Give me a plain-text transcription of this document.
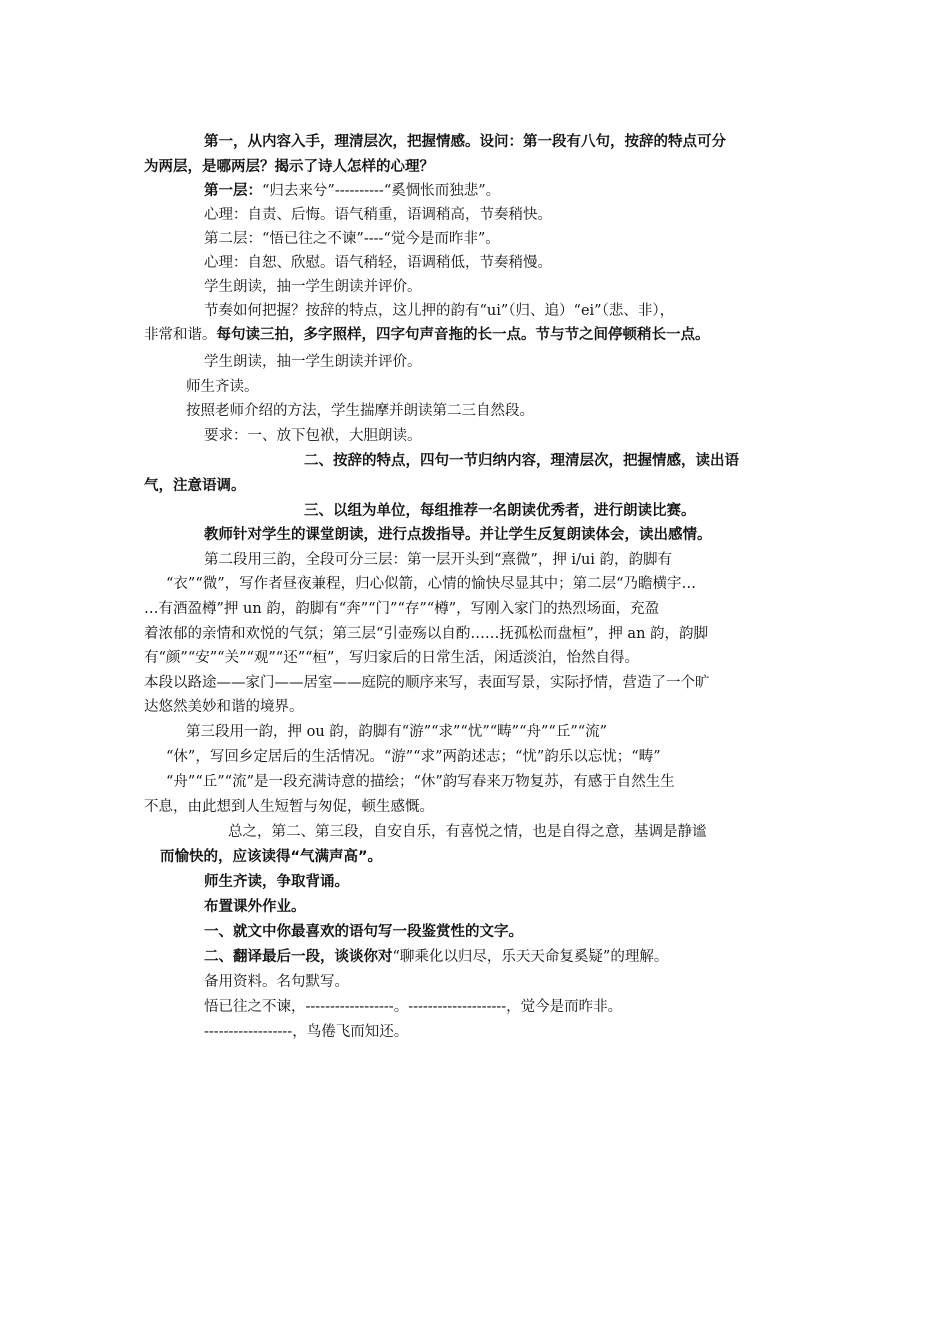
第一，从内容入手，理清层次，把握情感。设问：第一段有八句，按辞的特点可分
为两层，是哪两层？揭示了诗人怎样的心理？
第一层：“归去来兮”----------“奚惆怅而独悲”。
心理：自责、后悔。语气稍重，语调稍高，节奏稍快。
第二层：“悟已往之不谏”----“觉今是而昨非”。
心理：自恕、欣慰。语气稍轻，语调稍低，节奏稍慢。
学生朗读，抽一学生朗读并评价。
节奏如何把握？按辞的特点，这儿押的韵有“ui”（归、追）“ei”（悲、非），
非常和谐。每句读三拍，多字照样，四字句声音拖的长一点。节与节之间停顿稍长一点。
学生朗读，抽一学生朗读并评价。
师生齐读。
按照老师介绍的方法，学生揣摩并朗读第二三自然段。
要求：一、放下包袱，大胆朗读。
二、按辞的特点，四句一节归纳内容，理清层次，把握情感，读出语
气，注意语调。
三、以组为单位，每组推荐一名朗读优秀者，进行朗读比赛。
教师针对学生的课堂朗读，进行点拨指导。并让学生反复朗读体会，读出感情。
第二段用三韵，全段可分三层：第一层开头到“熹微”，押 i/ui 韵，韵脚有
“衣”“微”，写作者昼夜兼程，归心似箭，心情的愉快尽显其中；第二层“乃瞻横宇…
…有酒盈樽”押 un 韵，韵脚有“奔”“门”“存”“樽”，写刚入家门的热烈场面，充盈
着浓郁的亲情和欢悦的气氛；第三层“引壶殇以自酌……抚孤松而盘桓”，押 an 韵，韵脚
有“颜”“安”“关”“观”“还”“桓”，写归家后的日常生活，闲适淡泊，怡然自得。
本段以路途——家门——居室——庭院的顺序来写，表面写景，实际抒情，营造了一个旷
达悠然美妙和谐的境界。
第三段用一韵，押 ou 韵，韵脚有“游”“求”“忧”“畴”“舟”“丘”“流”
“休”，写回乡定居后的生活情况。“游”“求”两韵述志；“忧”韵乐以忘忧；“畴”
“舟”“丘”“流”是一段充满诗意的描绘；“休”韵写春来万物复苏，有感于自然生生
不息，由此想到人生短暂与匆促，顿生感慨。
总之，第二、第三段，自安自乐，有喜悦之情，也是自得之意，基调是静谧
而愉快的，应该读得“气满声高”。
师生齐读，争取背诵。
布置课外作业。
一、就文中你最喜欢的语句写一段鉴赏性的文字。
二、翻译最后一段，谈谈你对“聊乘化以归尽，乐天天命复奚疑”的理解。
备用资料。名句默写。
悟已往之不谏，------------------。--------------------，觉今是而昨非。
------------------，鸟倦飞而知还。
